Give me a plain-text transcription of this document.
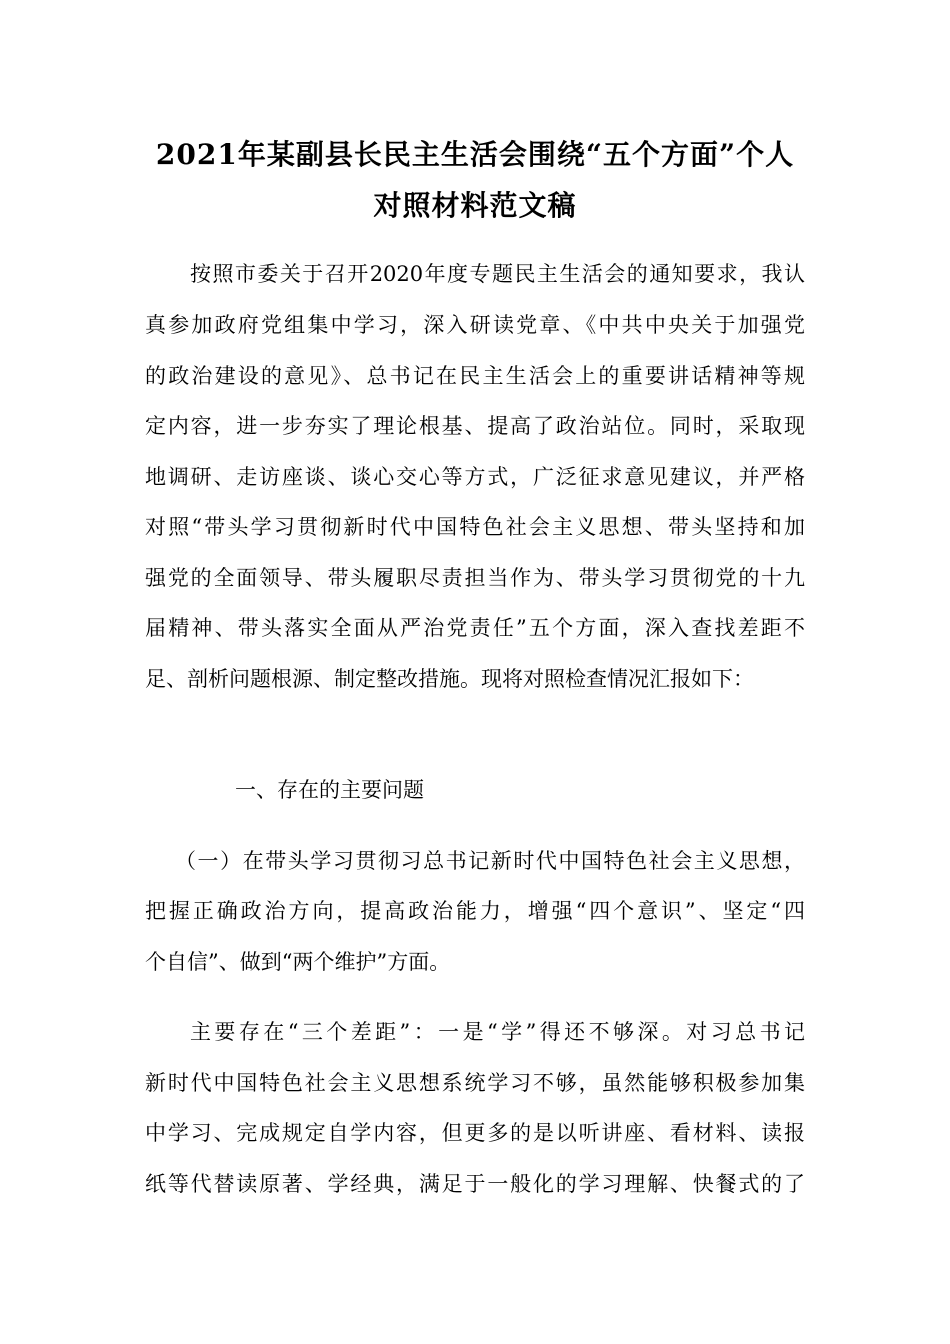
2021年某副县长民主生活会围绕“五个方面”个人
对照材料范文稿
按照市委关于召开2020年度专题民主生活会的通知要求，我认
真参加政府党组集中学习，深入研读党章、《中共中央关于加强党
的政治建设的意见》、总书记在民主生活会上的重要讲话精神等规
定内容，进一步夯实了理论根基、提高了政治站位。同时，采取现
地调研、走访座谈、谈心交心等方式，广泛征求意见建议，并严格
对照“带头学习贯彻新时代中国特色社会主义思想、带头坚持和加
强党的全面领导、带头履职尽责担当作为、带头学习贯彻党的十九
届精神、带头落实全面从严治党责任”五个方面，深入查找差距不
足、剖析问题根源、制定整改措施。现将对照检查情况汇报如下：
一、存在的主要问题
（一）在带头学习贯彻习总书记新时代中国特色社会主义思想，
把握正确政治方向，提高政治能力，增强“四个意识”、坚定“四
个自信”、做到“两个维护”方面。
主要存在“三个差距”：一是“学”得还不够深。对习总书记
新时代中国特色社会主义思想系统学习不够，虽然能够积极参加集
中学习、完成规定自学内容，但更多的是以听讲座、看材料、读报
纸等代替读原著、学经典，满足于一般化的学习理解、快餐式的了
